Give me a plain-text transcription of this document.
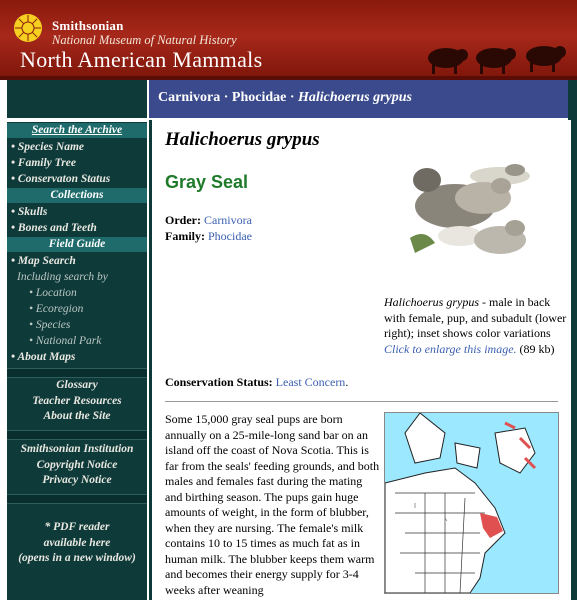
Smithsonian
National Museum of Natural History
North American Mammals
Search the Archive
• Species Name
• Family Tree
• Conservaton Status
Collections
• Skulls
• Bones and Teeth
Field Guide
• Map Search
Including search by
• Location
• Ecoregion
• Species
• National Park
• About Maps
Glossary
Teacher Resources
About the Site
Smithsonian Institution
Copyright Notice
Privacy Notice
* PDF reader
available here
(opens in a new window)
Carnivora · Phocidae · Halichoerus grypus
Halichoerus grypus
Gray Seal
Order: Carnivora
Family: Phocidae
Halichoerus grypus - male in back with female, pup, and subadult (lower right); inset shows color variations
Click to enlarge this image. (89 kb)
Conservation Status: Least Concern.
Some 15,000 gray seal pups are born annually on a 25-mile-long sand bar on an island off the coast of Nova Scotia. This is far from the seals' feeding grounds, and both males and females fast during the mating and birthing season. The pups gain huge amounts of weight, in the form of blubber, when they are nursing. The female's milk contains 10 to 15 times as much fat as in human milk. The blubber keeps them warm and becomes their energy supply for 3-4 weeks after weaning
